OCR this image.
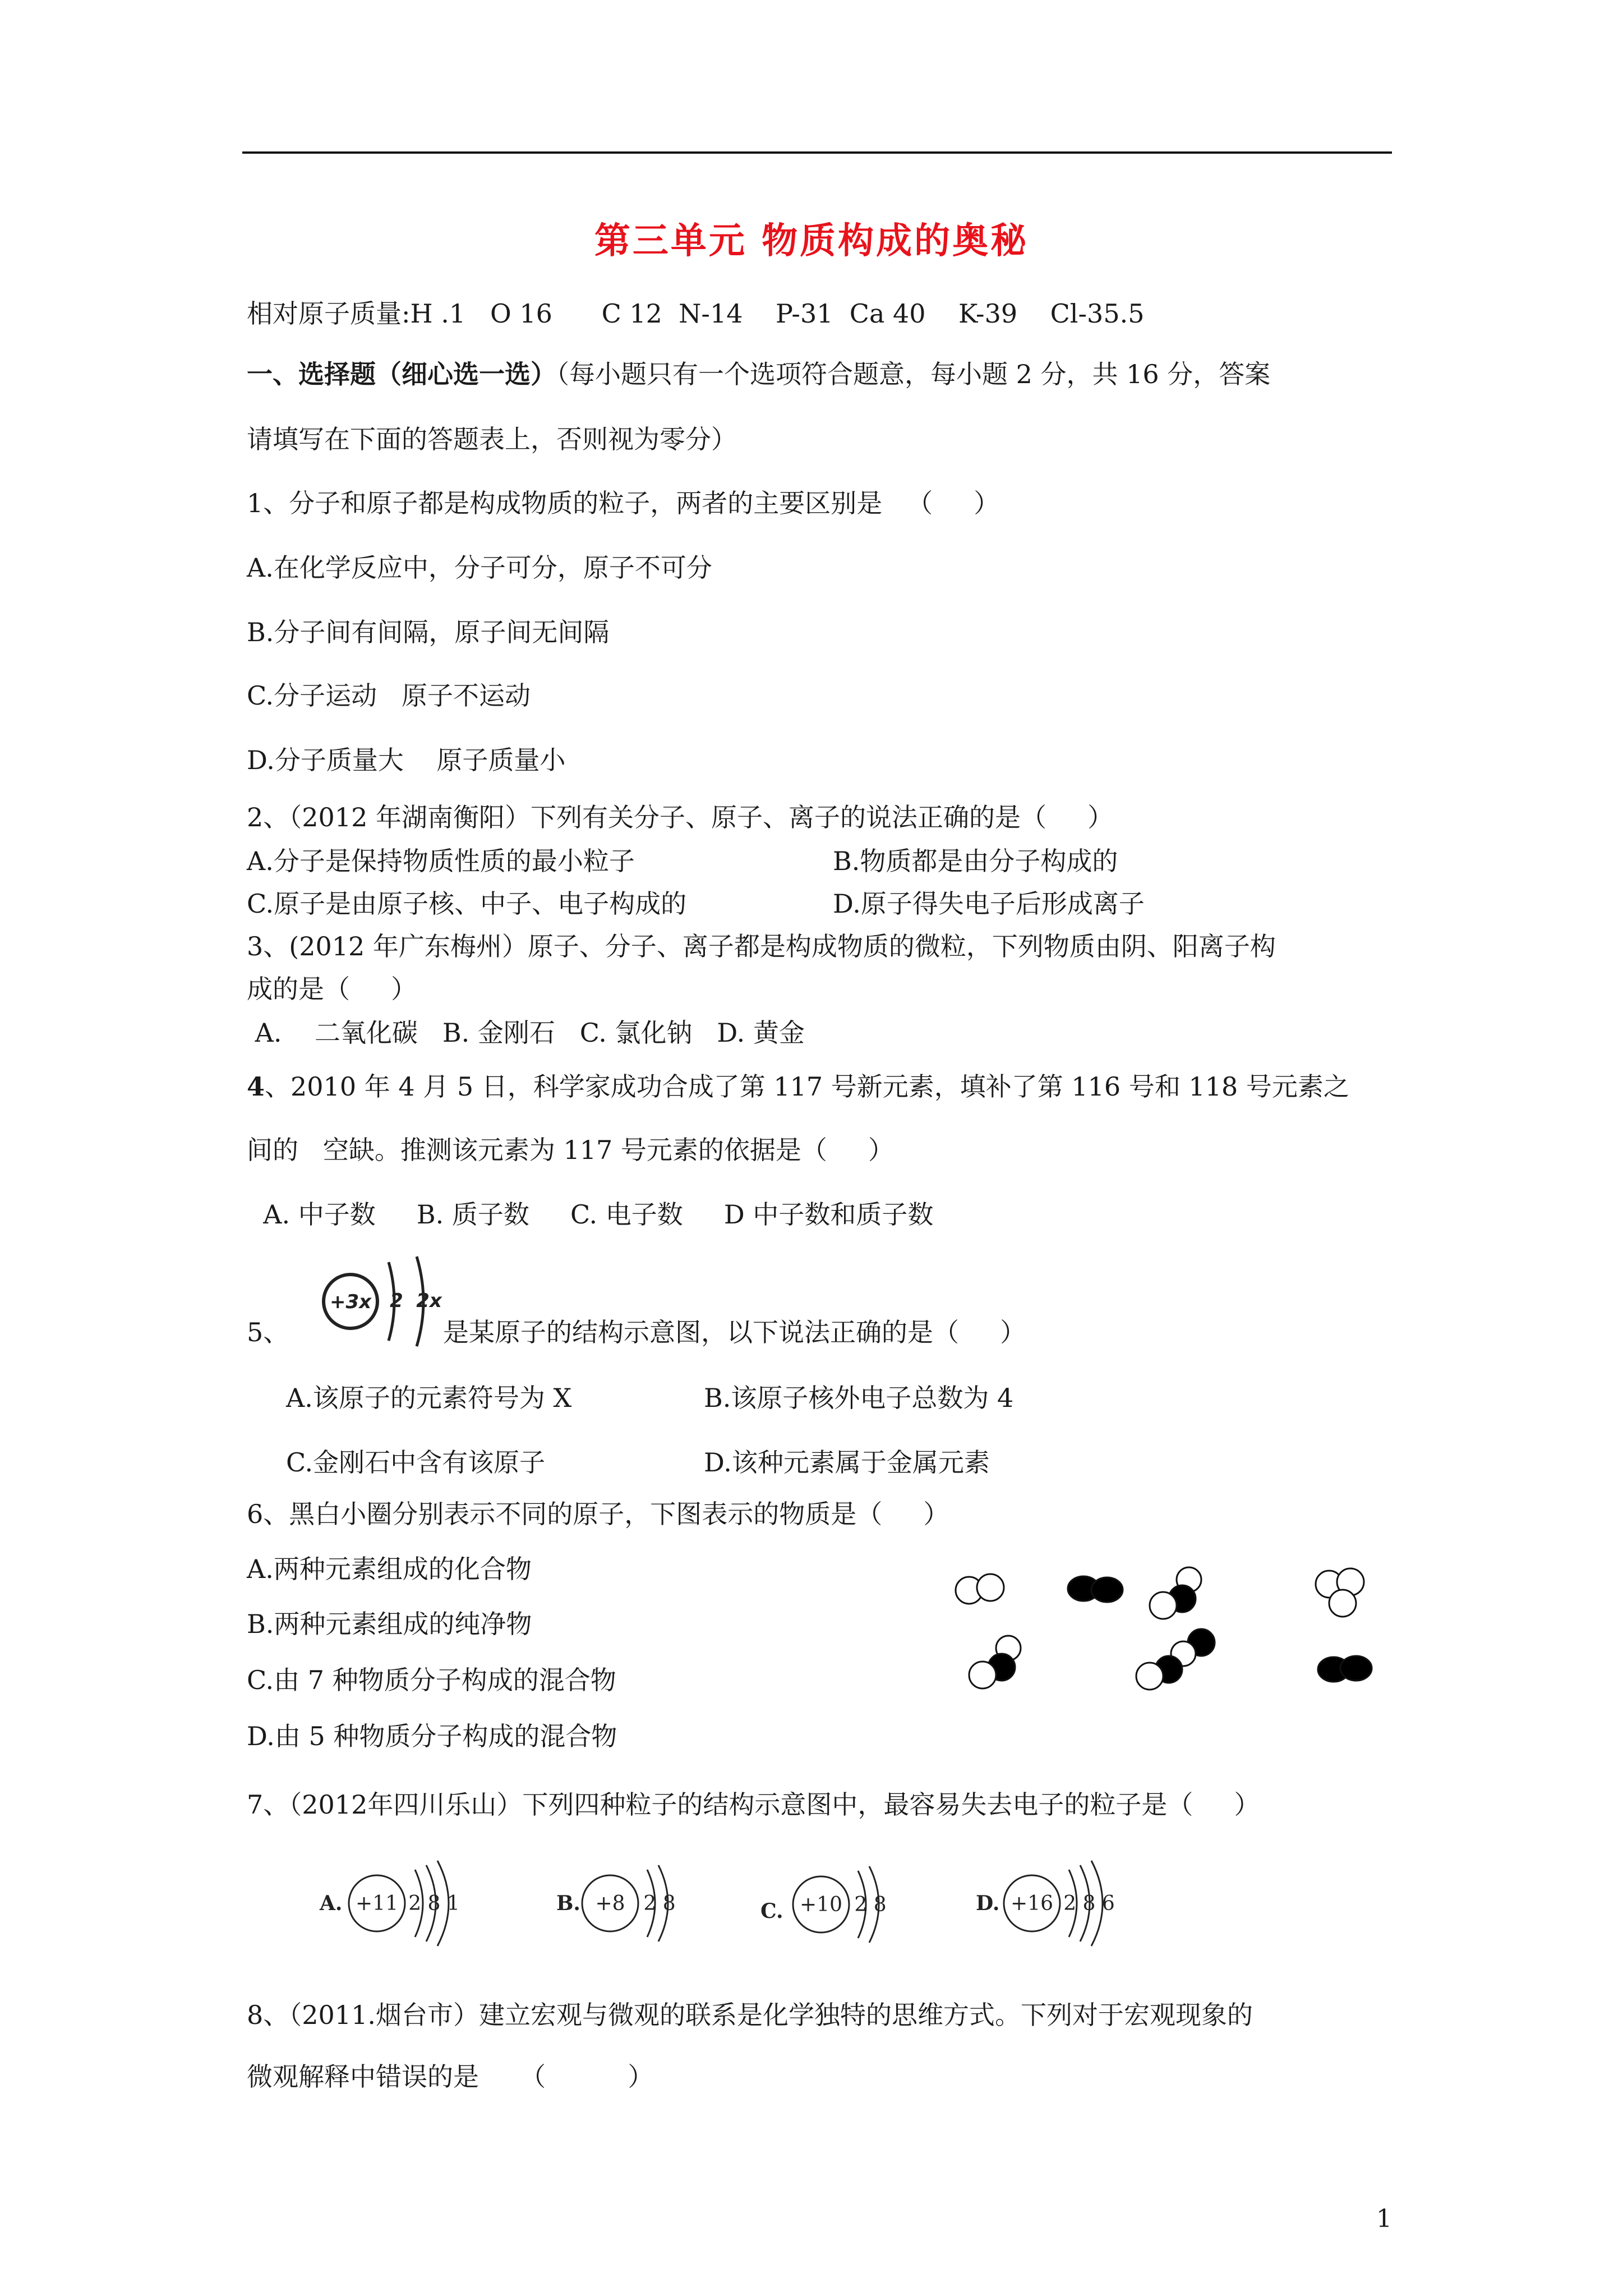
第三单元 物质构成的奥秘
相对原子质量:H .1   O 16      C 12  N-14    P-31  Ca 40    K-39    Cl-35.5
一、选择题（细心选一选）（每小题只有一个选项符合题意，每小题 2 分，共 16 分，答案
请填写在下面的答题表上，否则视为零分）
1、分子和原子都是构成物质的粒子，两者的主要区别是   （     ）
A.在化学反应中，分子可分，原子不可分
B.分子间有间隔，原子间无间隔
C.分子运动   原子不运动
D.分子质量大    原子质量小
2、（2012 年湖南衡阳）下列有关分子、原子、离子的说法正确的是（     ）
A.分子是保持物质性质的最小粒子	B.物质都是由分子构成的
C.原子是由原子核、中子、电子构成的	D.原子得失电子后形成离子
3、(2012 年广东梅州）原子、分子、离子都是构成物质的微粒，下列物质由阴、阳离子构
成的是（     ）
A.    二氧化碳   B. 金刚石   C. 氯化钠   D. 黄金
4、2010 年 4 月 5 日，科学家成功合成了第 117 号新元素，填补了第 116 号和 118 号元素之
间的   空缺。推测该元素为 117 号元素的依据是（     ）
A. 中子数     B. 质子数     C. 电子数     D 中子数和质子数
+3x 2 2x
5、	是某原子的结构示意图，以下说法正确的是（     ）
A.该原子的元素符号为 X	B.该原子核外电子总数为 4
C.金刚石中含有该原子	D.该种元素属于金属元素
6、黑白小圈分别表示不同的原子，下图表示的物质是（     ）
A.两种元素组成的化合物
B.两种元素组成的纯净物
C.由 7 种物质分子构成的混合物
D.由 5 种物质分子构成的混合物
7、（2012年四川乐山）下列四种粒子的结构示意图中，最容易失去电子的粒子是（     ）
A. +11 2 8 1	B. +8 2 8	C. +10 2 8	D. +16 2 8 6
8、（2011.烟台市）建立宏观与微观的联系是化学独特的思维方式。下列对于宏观现象的
微观解释中错误的是     （          ）
1
